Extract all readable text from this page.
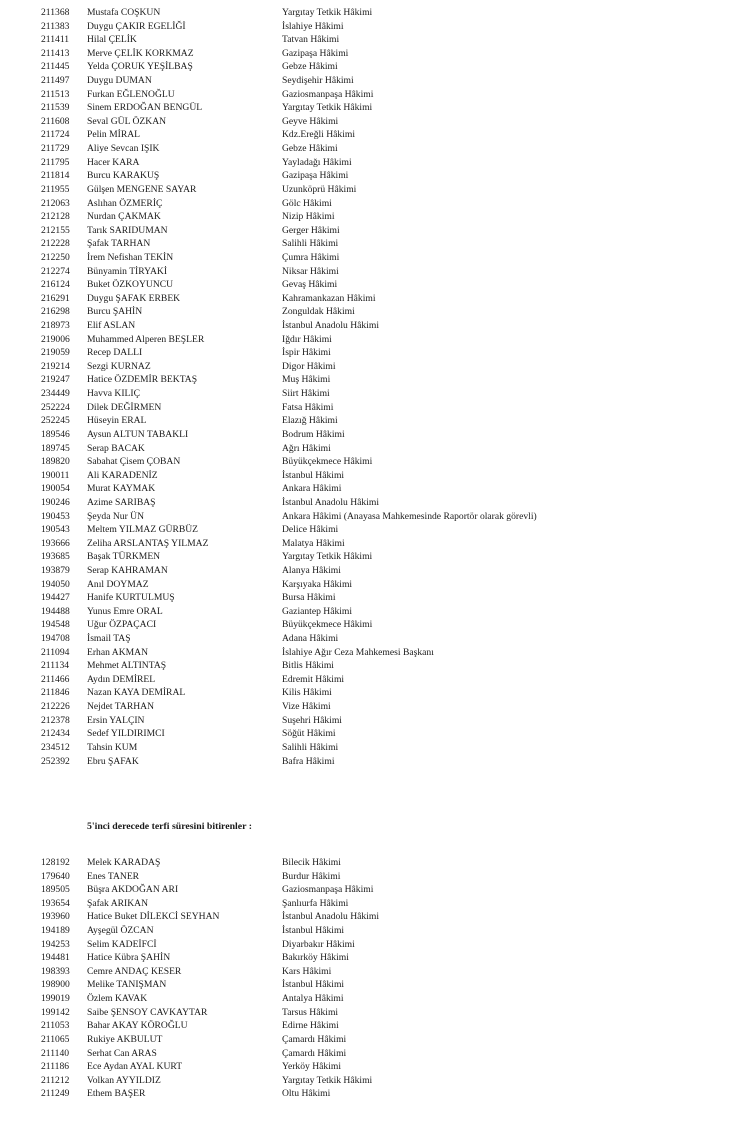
211368 Mustafa COŞKUN	Yargıtay Tetkik Hâkimi
211383 Duygu ÇAKIR EGELİĞİ	İslahiye Hâkimi
211411 Hilal ÇELİK	Tatvan Hâkimi
211413 Merve ÇELİK KORKMAZ	Gazipaşa Hâkimi
211445 Yelda ÇORUK YEŞİLBAŞ	Gebze Hâkimi
211497 Duygu DUMAN	Seydişehir Hâkimi
211513 Furkan EĞLENOĞLU	Gaziosmanpaşa Hâkimi
211539 Sinem ERDOĞAN BENGÜL	Yargıtay Tetkik Hâkimi
211608 Seval GÜL ÖZKAN	Geyve Hâkimi
211724 Pelin MİRAL	Kdz.Ereğli Hâkimi
211729 Aliye Sevcan IŞIK	Gebze Hâkimi
211795 Hacer KARA	Yayladağı Hâkimi
211814 Burcu KARAKUŞ	Gazipaşa Hâkimi
211955 Gülşen MENGENE SAYAR	Uzunköprü Hâkimi
212063 Aslıhan ÖZMERİÇ	Gölc Hâkimi
212128 Nurdan ÇAKMAK	Nizip Hâkimi
212155 Tarık SARIDUMAN	Gerger Hâkimi
212228 Şafak TARHAN	Salihli Hâkimi
212250 İrem Nefishan TEKİN	Çumra Hâkimi
212274 Bünyamin TİRYAKİ	Niksar Hâkimi
216124 Buket ÖZKOYUNCU	Gevaş Hâkimi
216291 Duygu ŞAFAK ERBEK	Kahramankazan Hâkimi
216298 Burcu ŞAHİN	Zonguldak Hâkimi
218973 Elif ASLAN	İstanbul Anadolu Hâkimi
219006 Muhammed Alperen BEŞLER	Iğdır Hâkimi
219059 Recep DALLI	İspir Hâkimi
219214 Sezgi KURNAZ	Digor Hâkimi
219247 Hatice ÖZDEMİR BEKTAŞ	Muş Hâkimi
234449 Havva KILIÇ	Siirt Hâkimi
252224 Dilek DEĞİRMEN	Fatsa Hâkimi
252245 Hüseyin ERAL	Elazığ Hâkimi
189546 Aysun ALTUN TABAKLI	Bodrum Hâkimi
189745 Serap BACAK	Ağrı Hâkimi
189820 Sabahat Çisem ÇOBAN	Büyükçekmece Hâkimi
190011 Ali KARADENİZ	İstanbul Hâkimi
190054 Murat KAYMAK	Ankara Hâkimi
190246 Azime SARIBAŞ	İstanbul Anadolu Hâkimi
190453 Şeyda Nur ÜN	Ankara Hâkimi (Anayasa Mahkemesinde Raportör olarak görevli)
190543 Meltem YILMAZ GÜRBÜZ	Delice Hâkimi
193666 Zeliha ARSLANTAŞ YILMAZ	Malatya Hâkimi
193685 Başak TÜRKMEN	Yargıtay Tetkik Hâkimi
193879 Serap KAHRAMAN	Alanya Hâkimi
194050 Anıl DOYMAZ	Karşıyaka Hâkimi
194427 Hanife KURTULMUŞ	Bursa Hâkimi
194488 Yunus Emre ORAL	Gaziantep Hâkimi
194548 Uğur ÖZPAÇACI	Büyükçekmece Hâkimi
194708 İsmail TAŞ	Adana Hâkimi
211094 Erhan AKMAN	İslahiye Ağır Ceza Mahkemesi Başkanı
211134 Mehmet ALTINTAŞ	Bitlis Hâkimi
211466 Aydın DEMİREL	Edremit Hâkimi
211846 Nazan KAYA DEMİRAL	Kilis Hâkimi
212226 Nejdet TARHAN	Vize Hâkimi
212378 Ersin YALÇIN	Suşehri Hâkimi
212434 Sedef YILDIRIMCI	Söğüt Hâkimi
234512 Tahsin KUM	Salihli Hâkimi
252392 Ebru ŞAFAK	Bafra Hâkimi
5'inci derecede terfi süresini bitirenler :
128192 Melek KARADAŞ	Bilecik Hâkimi
179640 Enes TANER	Burdur Hâkimi
189505 Büşra AKDOĞAN ARI	Gaziosmanpaşa Hâkimi
193654 Şafak ARIKAN	Şanlıurfa Hâkimi
193960 Hatice Buket DİLEKCİ SEYHAN	İstanbul Anadolu Hâkimi
194189 Ayşegül ÖZCAN	İstanbul Hâkimi
194253 Selim KADEİFCİ	Diyarbakır Hâkimi
194481 Hatice Kübra ŞAHİN	Bakırköy Hâkimi
198393 Cemre ANDAÇ KESER	Kars Hâkimi
198900 Melike TANIŞMAN	İstanbul Hâkimi
199019 Özlem KAVAK	Antalya Hâkimi
199142 Saibe ŞENSOY CAVKAYTAR	Tarsus Hâkimi
211053 Bahar AKAY KÖROĞLU	Edirne Hâkimi
211065 Rukiye AKBULUT	Çamardı Hâkimi
211140 Serhat Can ARAS	Çamardı Hâkimi
211186 Ece Aydan AYAL KURT	Yerköy Hâkimi
211212 Volkan AYYILDIZ	Yargıtay Tetkik Hâkimi
211249 Ethem BAŞER	Oltu Hâkimi
